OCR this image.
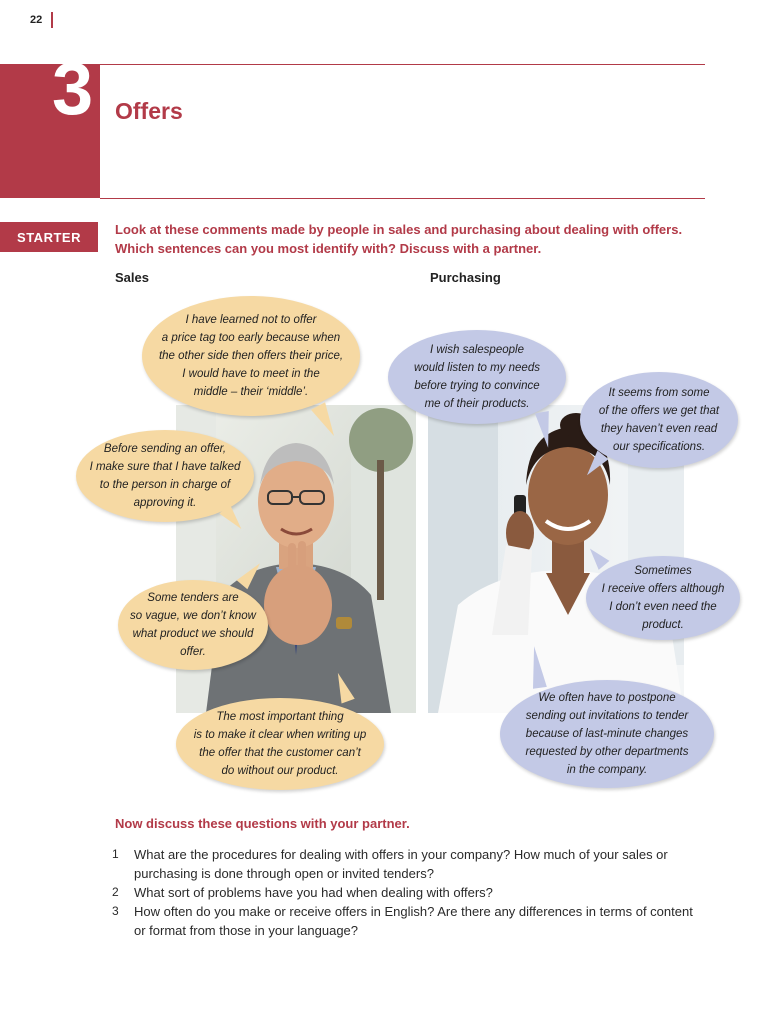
22
3 Offers
STARTER	Look at these comments made by people in sales and purchasing about dealing with offers.
Which sentences can you most identify with? Discuss with a partner.
Sales	Purchasing
I have learned not to offer
a price tag too early because when
the other side then offers their price,
I would have to meet in the
middle – their ‘middle’.
Before sending an offer,
I make sure that I have talked
to the person in charge of
approving it.
Some tenders are
so vague, we don’t know
what product we should
offer.
The most important thing
is to make it clear when writing up
the offer that the customer can’t
do without our product.
I wish salespeople
would listen to my needs
before trying to convince
me of their products.
It seems from some
of the offers we get that
they haven’t even read
our specifications.
Sometimes
I receive offers although
I don’t even need the
product.
We often have to postpone
sending out invitations to tender
because of last-minute changes
requested by other departments
in the company.
Now discuss these questions with your partner.
1	What are the procedures for dealing with offers in your company? How much of your sales or
purchasing is done through open or invited tenders?
2	What sort of problems have you had when dealing with offers?
3	How often do you make or receive offers in English? Are there any differences in terms of content
or format from those in your language?
